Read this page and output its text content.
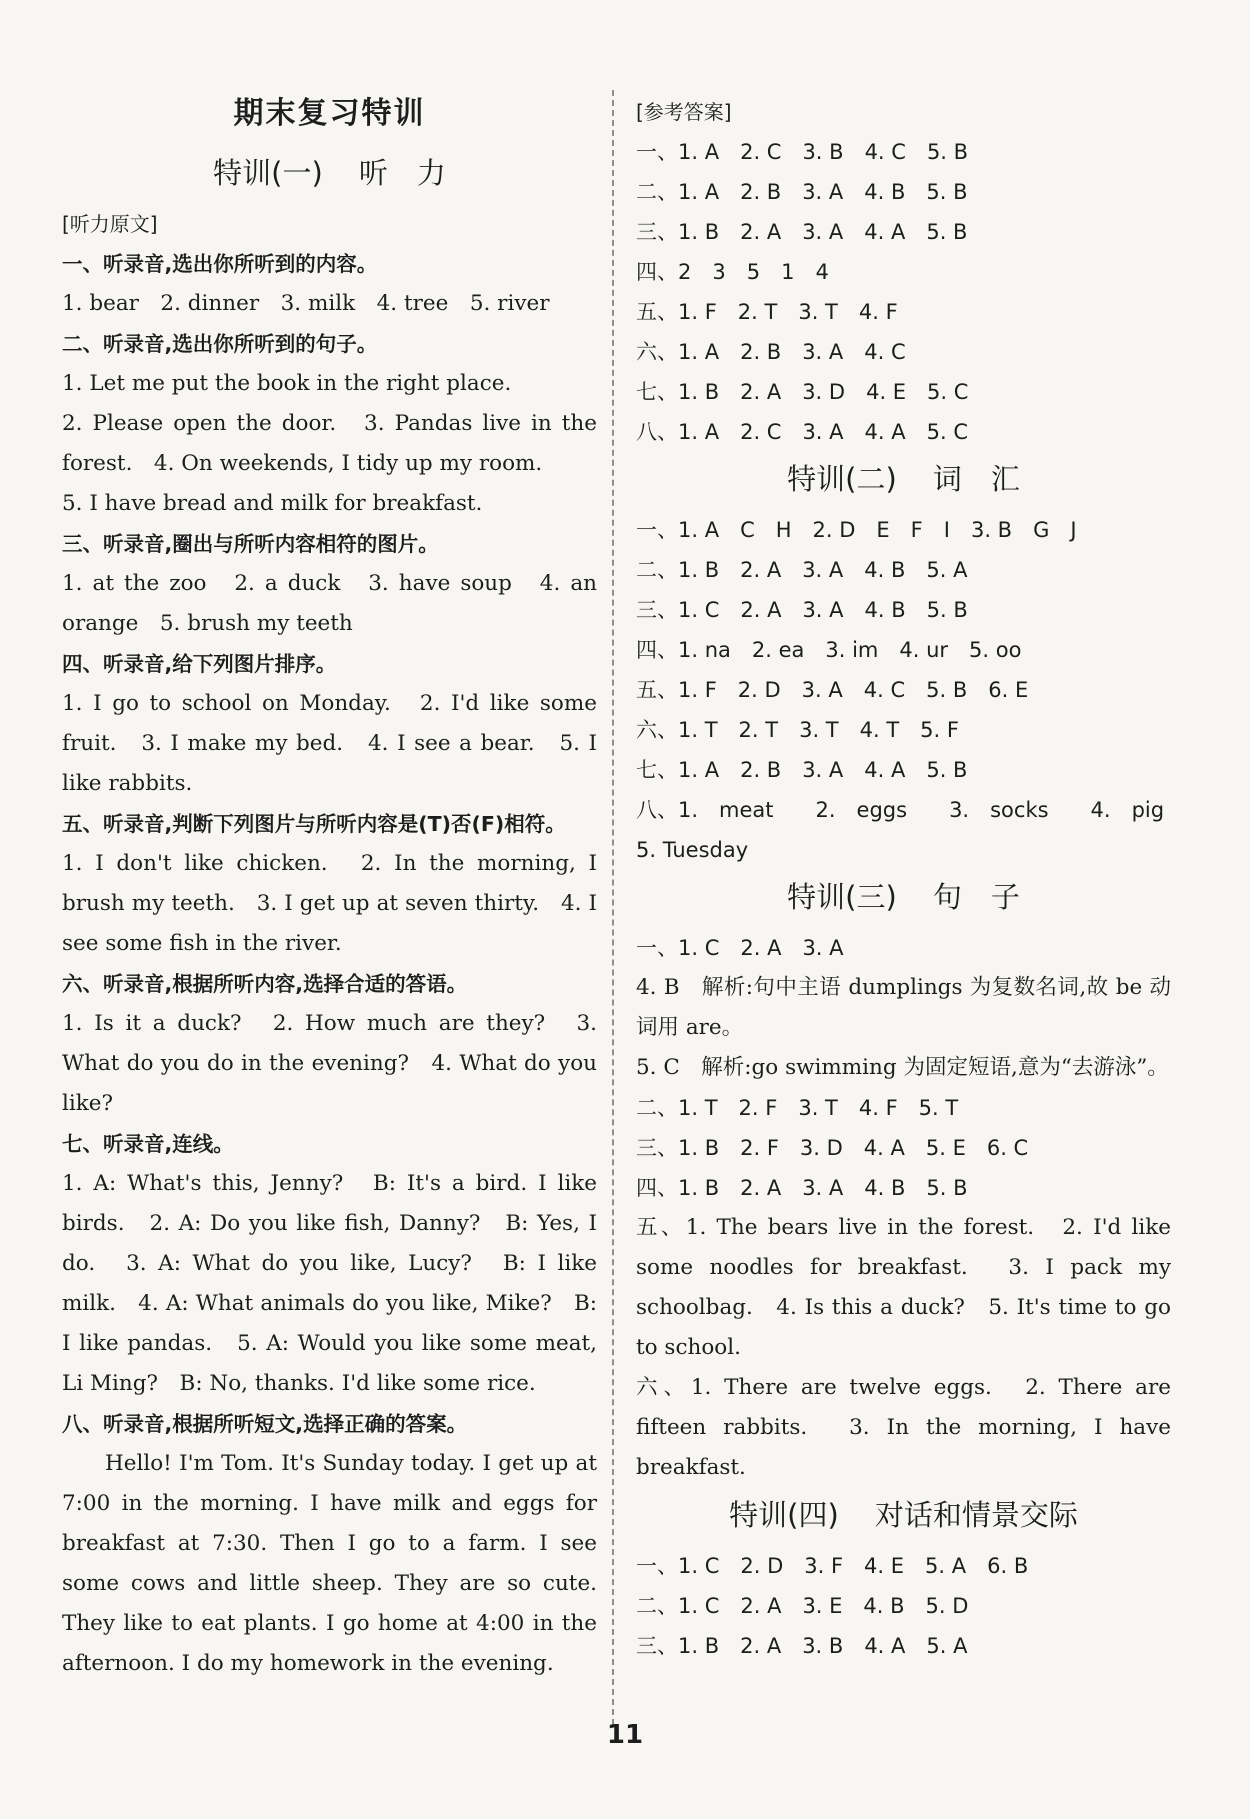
期末复习特训
特训(一) 听　力
[听力原文]
一、听录音,选出你所听到的内容。
1. bear　2. dinner　3. milk　4. tree　5. river
二、听录音,选出你所听到的句子。
1. Let me put the book in the right place.
2. Please open the door.　3. Pandas live in the forest.　4. On weekends, I tidy up my room.
5. I have bread and milk for breakfast.
三、听录音,圈出与所听内容相符的图片。
1. at the zoo　2. a duck　3. have soup　4. an orange　5. brush my teeth
四、听录音,给下列图片排序。
1. I go to school on Monday.　2. I'd like some fruit.　3. I make my bed.　4. I see a bear.　5. I like rabbits.
五、听录音,判断下列图片与所听内容是(T)否(F)相符。
1. I don't like chicken.　2. In the morning, I brush my teeth.　3. I get up at seven thirty.　4. I see some fish in the river.
六、听录音,根据所听内容,选择合适的答语。
1. Is it a duck?　2. How much are they?　3. What do you do in the evening?　4. What do you like?
七、听录音,连线。
1. A: What's this, Jenny?　B: It's a bird. I like birds.　2. A: Do you like fish, Danny?　B: Yes, I do.　3. A: What do you like, Lucy?　B: I like milk.　4. A: What animals do you like, Mike?　B: I like pandas.　5. A: Would you like some meat, Li Ming?　B: No, thanks. I'd like some rice.
八、听录音,根据所听短文,选择正确的答案。
Hello! I'm Tom. It's Sunday today. I get up at 7:00 in the morning. I have milk and eggs for breakfast at 7:30. Then I go to a farm. I see some cows and little sheep. They are so cute. They like to eat plants. I go home at 4:00 in the afternoon. I do my homework in the evening.
[参考答案]
一、1. A　2. C　3. B　4. C　5. B
二、1. A　2. B　3. A　4. B　5. B
三、1. B　2. A　3. A　4. A　5. B
四、2　3　5　1　4
五、1. F　2. T　3. T　4. F
六、1. A　2. B　3. A　4. C
七、1. B　2. A　3. D　4. E　5. C
八、1. A　2. C　3. A　4. A　5. C
特训(二) 词　汇
一、1. A　C　H　2. D　E　F　I　3. B　G　J
二、1. B　2. A　3. A　4. B　5. A
三、1. C　2. A　3. A　4. B　5. B
四、1. na　2. ea　3. im　4. ur　5. oo
五、1. F　2. D　3. A　4. C　5. B　6. E
六、1. T　2. T　3. T　4. T　5. F
七、1. A　2. B　3. A　4. A　5. B
八、1.　meat　　2.　eggs　　3.　socks　　4.　pig
5. Tuesday
特训(三) 句　子
一、1. C　2. A　3. A
4. B　解析:句中主语 dumplings 为复数名词,故 be 动词用 are。
5. C　解析:go swimming 为固定短语,意为“去游泳”。
二、1. T　2. F　3. T　4. F　5. T
三、1. B　2. F　3. D　4. A　5. E　6. C
四、1. B　2. A　3. A　4. B　5. B
五、1. The bears live in the forest.　2. I'd like some noodles for breakfast.　3. I pack my schoolbag.　4. Is this a duck?　5. It's time to go to school.
六、1. There are twelve eggs.　2. There are fifteen rabbits.　3. In the morning, I have breakfast.
特训(四) 对话和情景交际
一、1. C　2. D　3. F　4. E　5. A　6. B
二、1. C　2. A　3. E　4. B　5. D
三、1. B　2. A　3. B　4. A　5. A
11
